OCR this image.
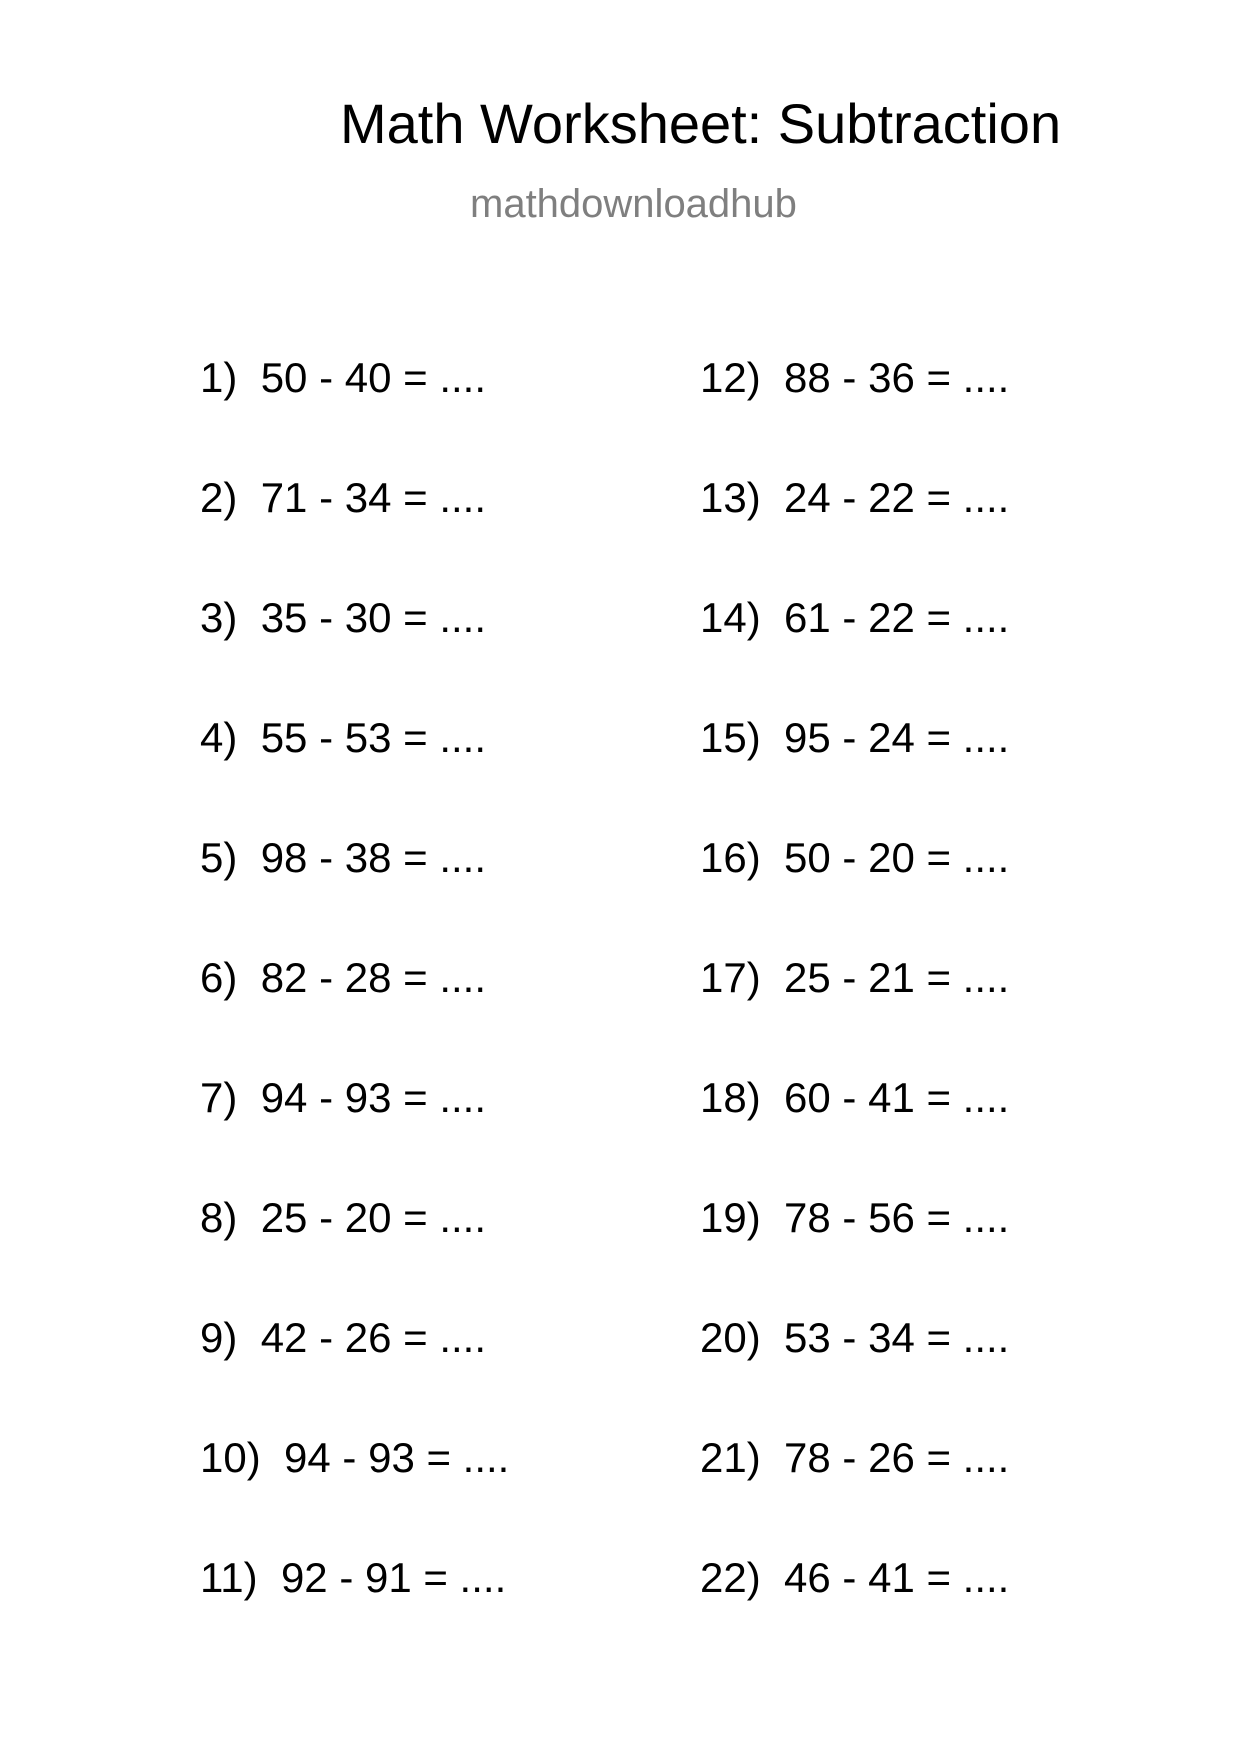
Math Worksheet: Subtraction
mathdownloadhub
1) 50 - 40 = ....
2) 71 - 34 = ....
3) 35 - 30 = ....
4) 55 - 53 = ....
5) 98 - 38 = ....
6) 82 - 28 = ....
7) 94 - 93 = ....
8) 25 - 20 = ....
9) 42 - 26 = ....
10) 94 - 93 = ....
11) 92 - 91 = ....
12) 88 - 36 = ....
13) 24 - 22 = ....
14) 61 - 22 = ....
15) 95 - 24 = ....
16) 50 - 20 = ....
17) 25 - 21 = ....
18) 60 - 41 = ....
19) 78 - 56 = ....
20) 53 - 34 = ....
21) 78 - 26 = ....
22) 46 - 41 = ....
